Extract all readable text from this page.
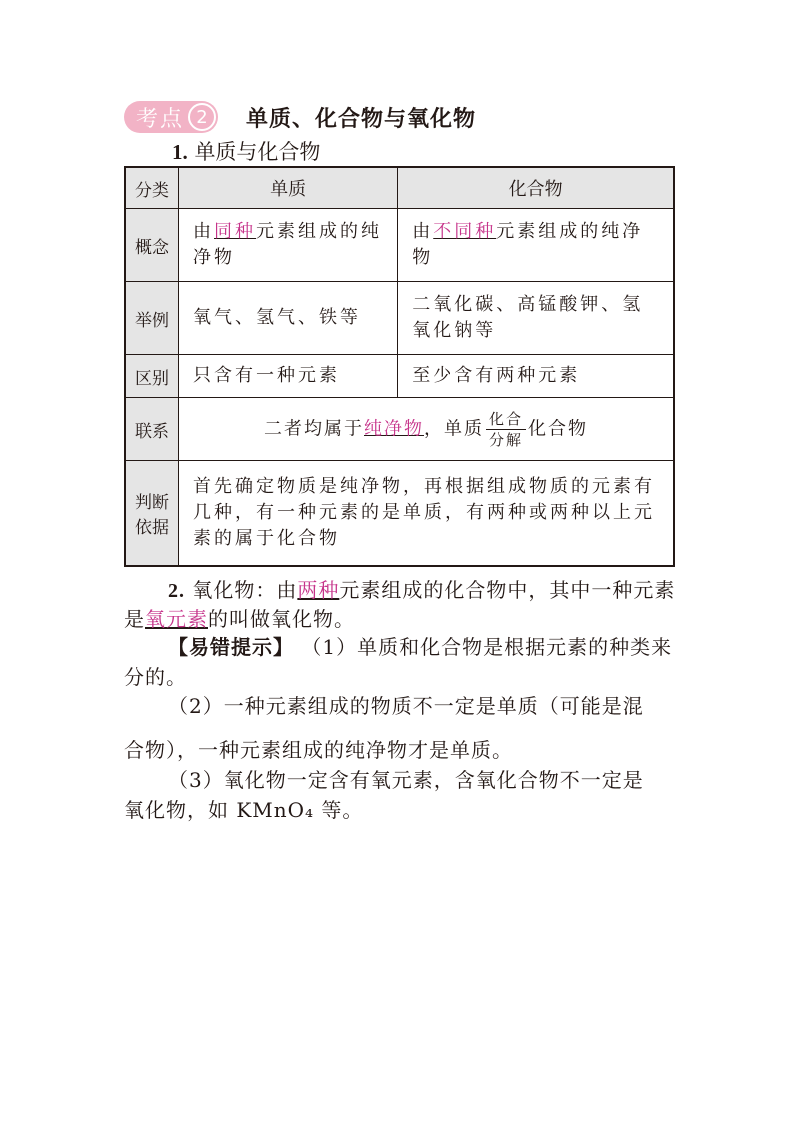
考点 2	单质、化合物与氧化物
1. 单质与化合物
分类	单质	化合物
概念	由同种元素组成的纯净物	由不同种元素组成的纯净物
举例	氧气、氢气、铁等	二氧化碳、高锰酸钾、氢氧化钠等
区别	只含有一种元素	至少含有两种元素
联系	二者均属于纯净物，单质 $\frac{\text{化合}}{\text{分解}}$ 化合物	
判断依据	首先确定物质是纯净物，再根据组成物质的元素有几种，有一种元素的是单质，有两种或两种以上元素的属于化合物	
2. 氧化物：由两种元素组成的化合物中，其中一种元素是氧元素的叫做氧化物。
【易错提示】 （1）单质和化合物是根据元素的种类来分的。
（2）一种元素组成的物质不一定是单质（可能是混
合物），一种元素组成的纯净物才是单质。
（3）氧化物一定含有氧元素，含氧化合物不一定是
氧化物，如 KMnO₄ 等。
